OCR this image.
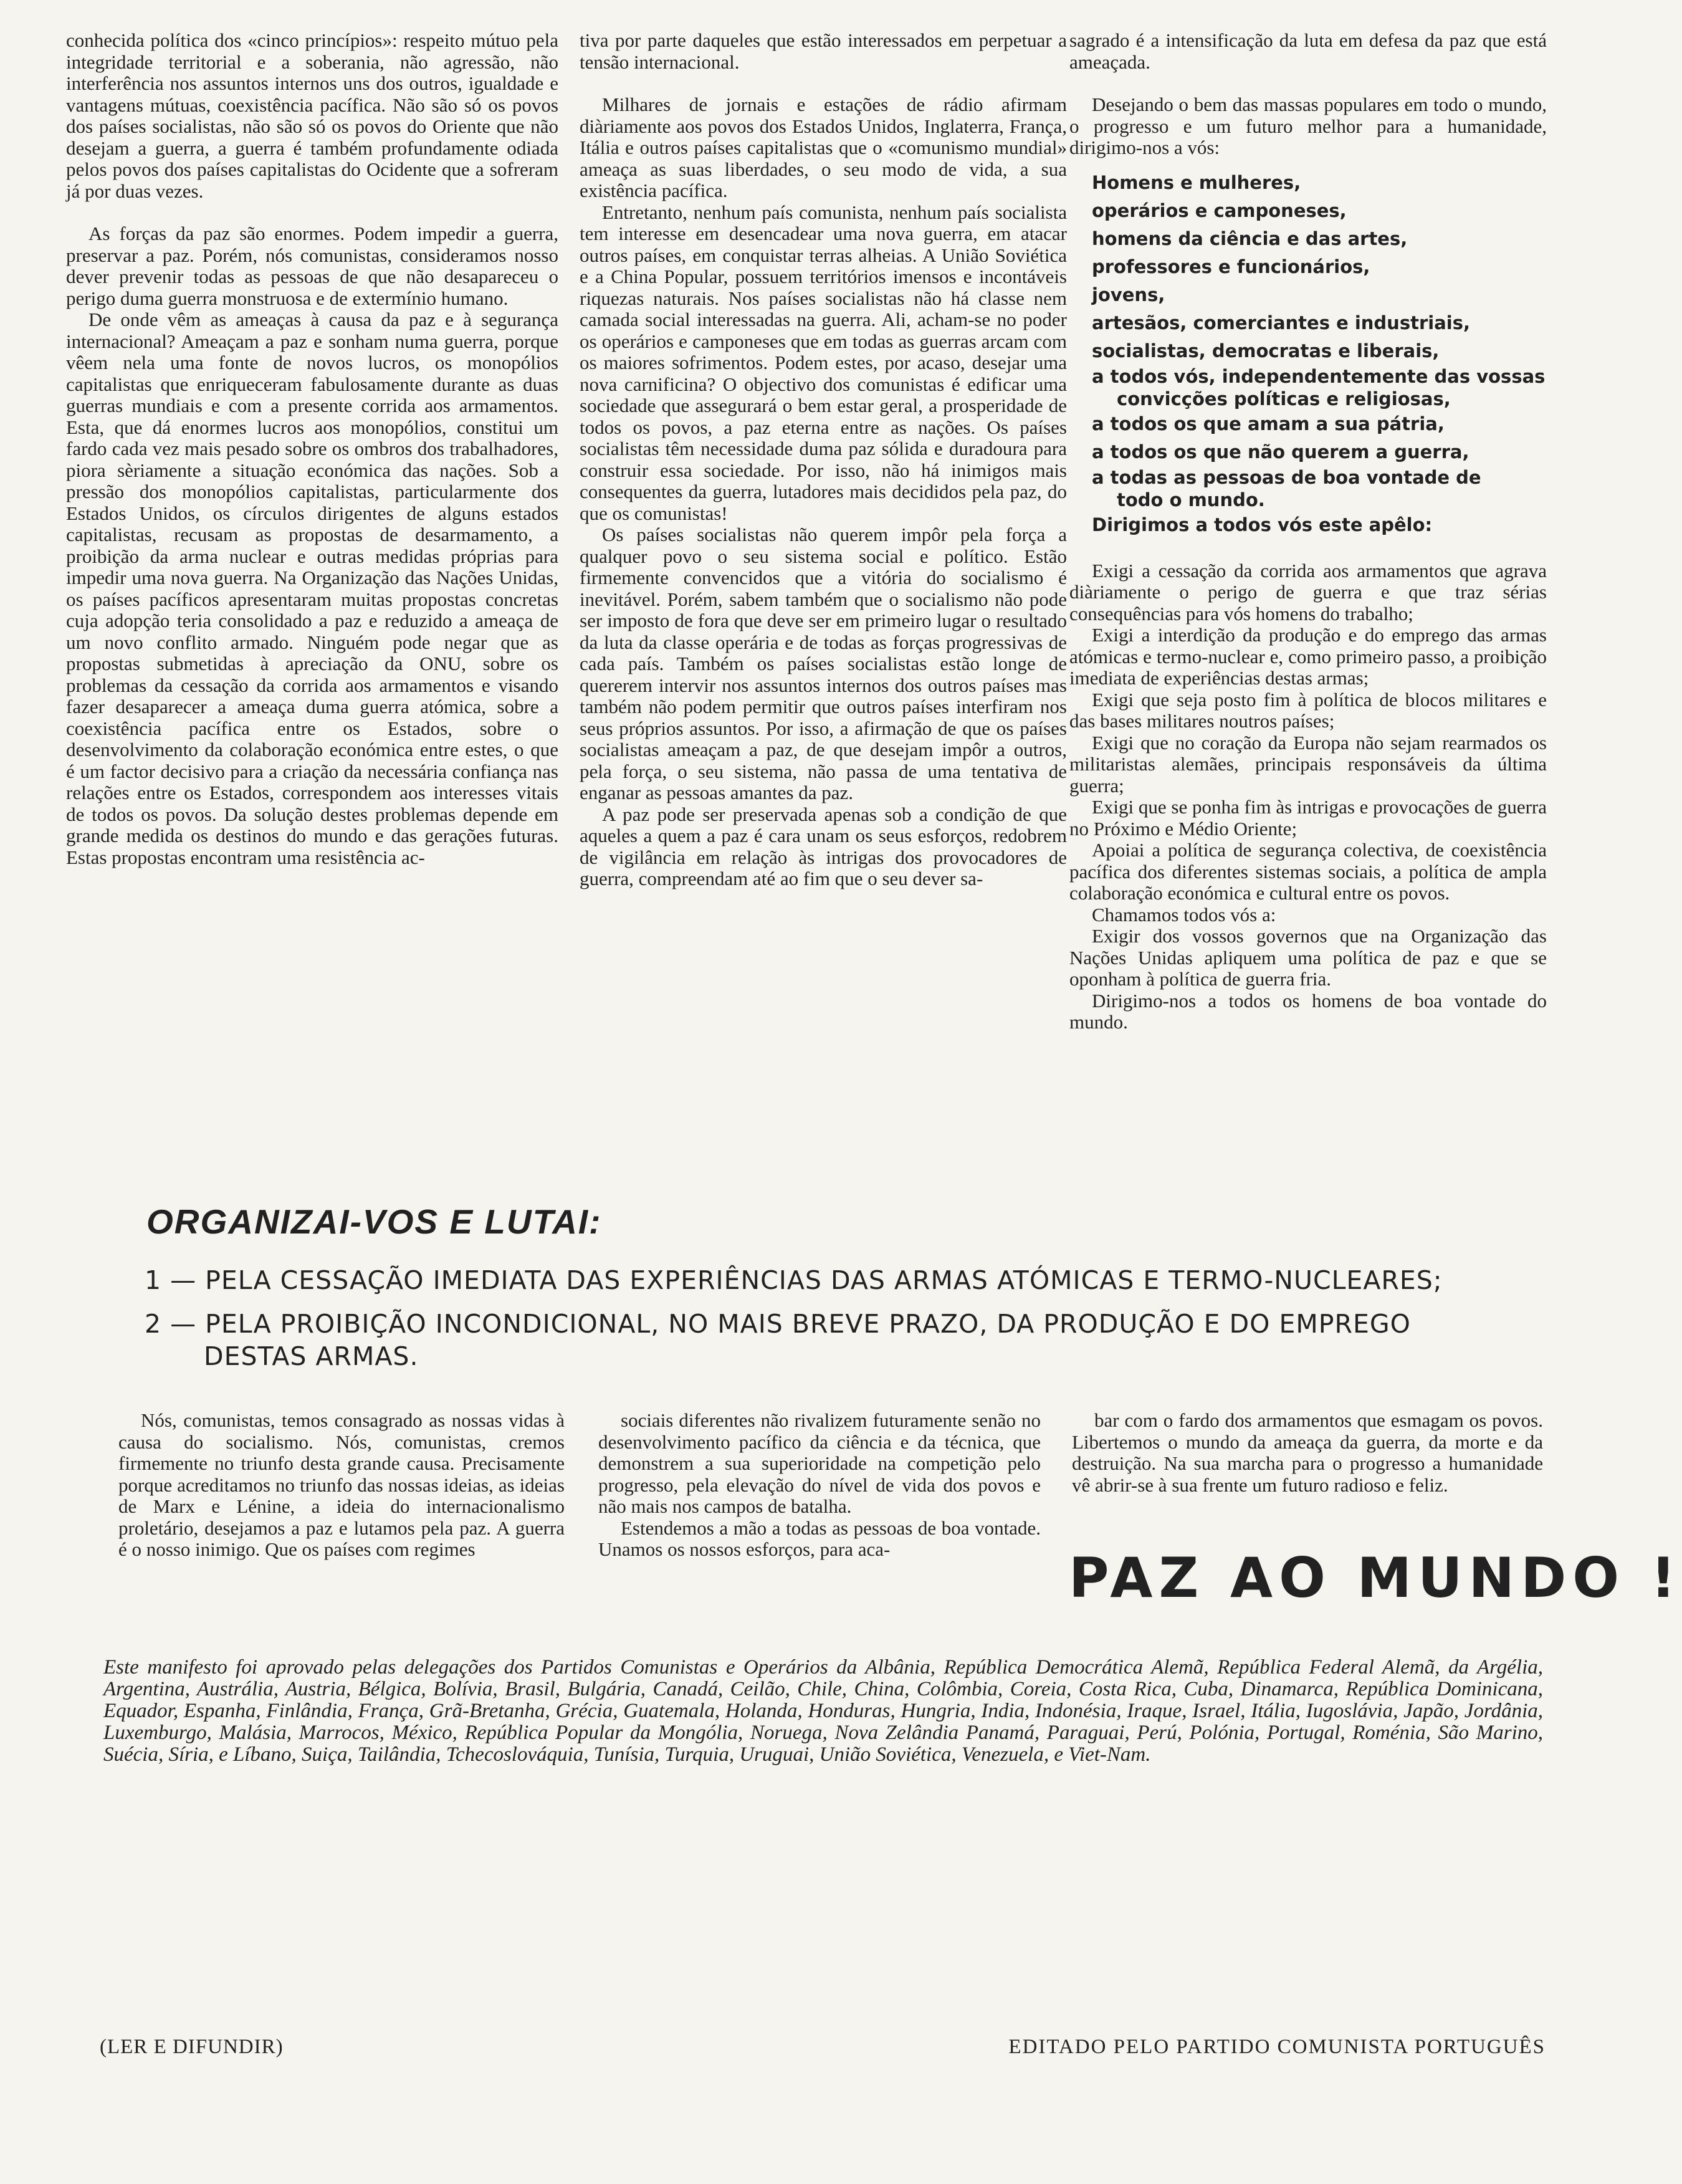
conhecida política dos «cinco princípios»: respeito mútuo pela integridade territorial e a soberania, não agressão, não interferência nos assuntos internos uns dos outros, igualdade e vantagens mútuas, coexistência pacífica. Não são só os povos dos países socialistas, não são só os povos do Oriente que não desejam a guerra, a guerra é também profundamente odiada pelos povos dos países capitalistas do Ocidente que a sofreram já por duas vezes.

As forças da paz são enormes. Podem impedir a guerra, preservar a paz. Porém, nós comunistas, consideramos nosso dever prevenir todas as pessoas de que não desapareceu o perigo duma guerra monstruosa e de extermínio humano.

De onde vêm as ameaças à causa da paz e à segurança internacional? Ameaçam a paz e sonham numa guerra, porque vêem nela uma fonte de novos lucros, os monopólios capitalistas que enriqueceram fabulosamente durante as duas guerras mundiais e com a presente corrida aos armamentos. Esta, que dá enormes lucros aos monopólios, constitui um fardo cada vez mais pesado sobre os ombros dos trabalhadores, piora sèriamente a situação económica das nações. Sob a pressão dos monopólios capitalistas, particularmente dos Estados Unidos, os círculos dirigentes de alguns estados capitalistas, recusam as propostas de desarmamento, a proibição da arma nuclear e outras medidas próprias para impedir uma nova guerra. Na Organização das Nações Unidas, os países pacíficos apresentaram muitas propostas concretas cuja adopção teria consolidado a paz e reduzido a ameaça de um novo conflito armado. Ninguém pode negar que as propostas submetidas à apreciação da ONU, sobre os problemas da cessação da corrida aos armamentos e visando fazer desaparecer a ameaça duma guerra atómica, sobre a coexistência pacífica entre os Estados, sobre o desenvolvimento da colaboração económica entre estes, o que é um factor decisivo para a criação da necessária confiança nas relações entre os Estados, correspondem aos interesses vitais de todos os povos. Da solução destes problemas depende em grande medida os destinos do mundo e das gerações futuras. Estas propostas encontram uma resistência ac-

tiva por parte daqueles que estão interessados em perpetuar a tensão internacional.

Milhares de jornais e estações de rádio afirmam diàriamente aos povos dos Estados Unidos, Inglaterra, França, Itália e outros países capitalistas que o «comunismo mundial» ameaça as suas liberdades, o seu modo de vida, a sua existência pacífica.

Entretanto, nenhum país comunista, nenhum país socialista tem interesse em desencadear uma nova guerra, em atacar outros países, em conquistar terras alheias. A União Soviética e a China Popular, possuem territórios imensos e incontáveis riquezas naturais. Nos países socialistas não há classe nem camada social interessadas na guerra. Ali, acham-se no poder os operários e camponeses que em todas as guerras arcam com os maiores sofrimentos. Podem estes, por acaso, desejar uma nova carnificina? O objectivo dos comunistas é edificar uma sociedade que assegurará o bem estar geral, a prosperidade de todos os povos, a paz eterna entre as nações. Os países socialistas têm necessidade duma paz sólida e duradoura para construir essa sociedade. Por isso, não há inimigos mais consequentes da guerra, lutadores mais decididos pela paz, do que os comunistas!

Os países socialistas não querem impôr pela força a qualquer povo o seu sistema social e político. Estão firmemente convencidos que a vitória do socialismo é inevitável. Porém, sabem também que o socialismo não pode ser imposto de fora que deve ser em primeiro lugar o resultado da luta da classe operária e de todas as forças progressivas de cada país. Também os países socialistas estão longe de quererem intervir nos assuntos internos dos outros países mas também não podem permitir que outros países interfiram nos seus próprios assuntos. Por isso, a afirmação de que os países socialistas ameaçam a paz, de que desejam impôr a outros, pela força, o seu sistema, não passa de uma tentativa de enganar as pessoas amantes da paz.

A paz pode ser preservada apenas sob a condição de que aqueles a quem a paz é cara unam os seus esforços, redobrem de vigilância em relação às intrigas dos provocadores de guerra, compreendam até ao fim que o seu dever sa-

sagrado é a intensificação da luta em defesa da paz que está ameaçada.

Desejando o bem das massas populares em todo o mundo, o progresso e um futuro melhor para a humanidade, dirigimo-nos a vós:

Homens e mulheres,
operários e camponeses,
homens da ciência e das artes,
professores e funcionários,
jovens,
artesãos, comerciantes e industriais,
socialistas, democratas e liberais,
a todos vós, independentemente das vossas
convicções políticas e religiosas,
a todos os que amam a sua pátria,
a todos os que não querem a guerra,
a todas as pessoas de boa vontade de
todo o mundo.
Dirigimos a todos vós este apêlo:

Exigi a cessação da corrida aos armamentos que agrava diàriamente o perigo de guerra e que traz sérias consequências para vós homens do trabalho;

Exigi a interdição da produção e do emprego das armas atómicas e termo-nuclear e, como primeiro passo, a proibição imediata de experiências destas armas;

Exigi que seja posto fim à política de blocos militares e das bases militares noutros países;

Exigi que no coração da Europa não sejam rearmados os militaristas alemães, principais responsáveis da última guerra;

Exigi que se ponha fim às intrigas e provocações de guerra no Próximo e Médio Oriente;

Apoiai a política de segurança colectiva, de coexistência pacífica dos diferentes sistemas sociais, a política de ampla colaboração económica e cultural entre os povos.

Chamamos todos vós a:

Exigir dos vossos governos que na Organização das Nações Unidas apliquem uma política de paz e que se oponham à política de guerra fria.

Dirigimo-nos a todos os homens de boa vontade do mundo.

ORGANIZAI-VOS E LUTAI:
1 — PELA CESSAÇÃO IMEDIATA DAS EXPERIÊNCIAS DAS ARMAS ATÓMICAS E TERMO-NUCLEARES;
2 — PELA PROIBIÇÃO INCONDICIONAL, NO MAIS BREVE PRAZO, DA PRODUÇÃO E DO EMPREGO
DESTAS ARMAS.

Nós, comunistas, temos consagrado as nossas vidas à causa do socialismo. Nós, comunistas, cremos firmemente no triunfo desta grande causa. Precisamente porque acreditamos no triunfo das nossas ideias, as ideias de Marx e Lénine, a ideia do internacionalismo proletário, desejamos a paz e lutamos pela paz. A guerra é o nosso inimigo. Que os países com regimes

sociais diferentes não rivalizem futuramente senão no desenvolvimento pacífico da ciência e da técnica, que demonstrem a sua superioridade na competição pelo progresso, pela elevação do nível de vida dos povos e não mais nos campos de batalha.

Estendemos a mão a todas as pessoas de boa vontade. Unamos os nossos esforços, para aca-

bar com o fardo dos armamentos que esmagam os povos. Libertemos o mundo da ameaça da guerra, da morte e da destruição. Na sua marcha para o progresso a humanidade vê abrir-se à sua frente um futuro radioso e feliz.

PAZ AO MUNDO !
Este manifesto foi aprovado pelas delegações dos Partidos Comunistas e Operários da Albânia, República Democrática Alemã, República Federal Alemã, da Argélia, Argentina, Austrália, Austria, Bélgica, Bolívia, Brasil, Bulgária, Canadá, Ceilão, Chile, China, Colômbia, Coreia, Costa Rica, Cuba, Dinamarca, República Dominicana, Equador, Espanha, Finlândia, França, Grã-Bretanha, Grécia, Guatemala, Holanda, Honduras, Hungria, India, Indonésia, Iraque, Israel, Itália, Iugoslávia, Japão, Jordânia, Luxemburgo, Malásia, Marrocos, México, República Popular da Mongólia, Noruega, Nova Zelândia Panamá, Paraguai, Perú, Polónia, Portugal, Roménia, São Marino, Suécia, Síria, e Líbano, Suiça, Tailândia, Tchecoslováquia, Tunísia, Turquia, Uruguai, União Soviética, Venezuela, e Viet-Nam.
(LER E DIFUNDIR)	EDITADO PELO PARTIDO COMUNISTA PORTUGUÊS
